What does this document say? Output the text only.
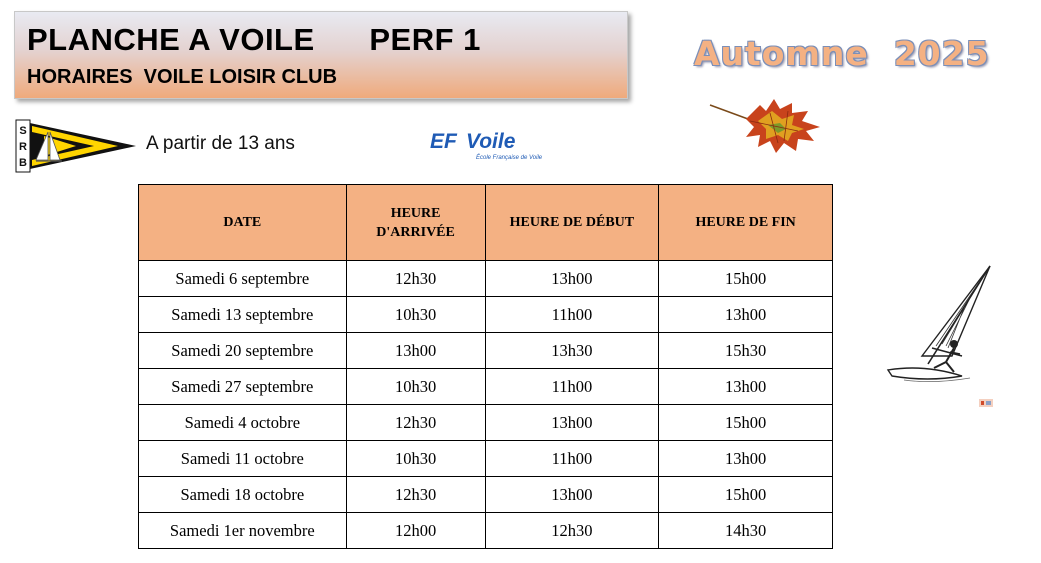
PLANCHE A VOILE      PERF 1
HORAIRES  VOILE LOISIR CLUB
Automne  2025
S
R
B
A partir de 13 ans	EF Voile
École Française de Voile
DATE	HEURE D'ARRIVÉE	HEURE DE DÉBUT	HEURE DE FIN
Samedi 6 septembre	12h30	13h00	15h00
Samedi 13 septembre	10h30	11h00	13h00
Samedi 20 septembre	13h00	13h30	15h30
Samedi 27 septembre	10h30	11h00	13h00
Samedi 4 octobre	12h30	13h00	15h00
Samedi 11 octobre	10h30	11h00	13h00
Samedi 18 octobre	12h30	13h00	15h00
Samedi 1er novembre	12h00	12h30	14h30
